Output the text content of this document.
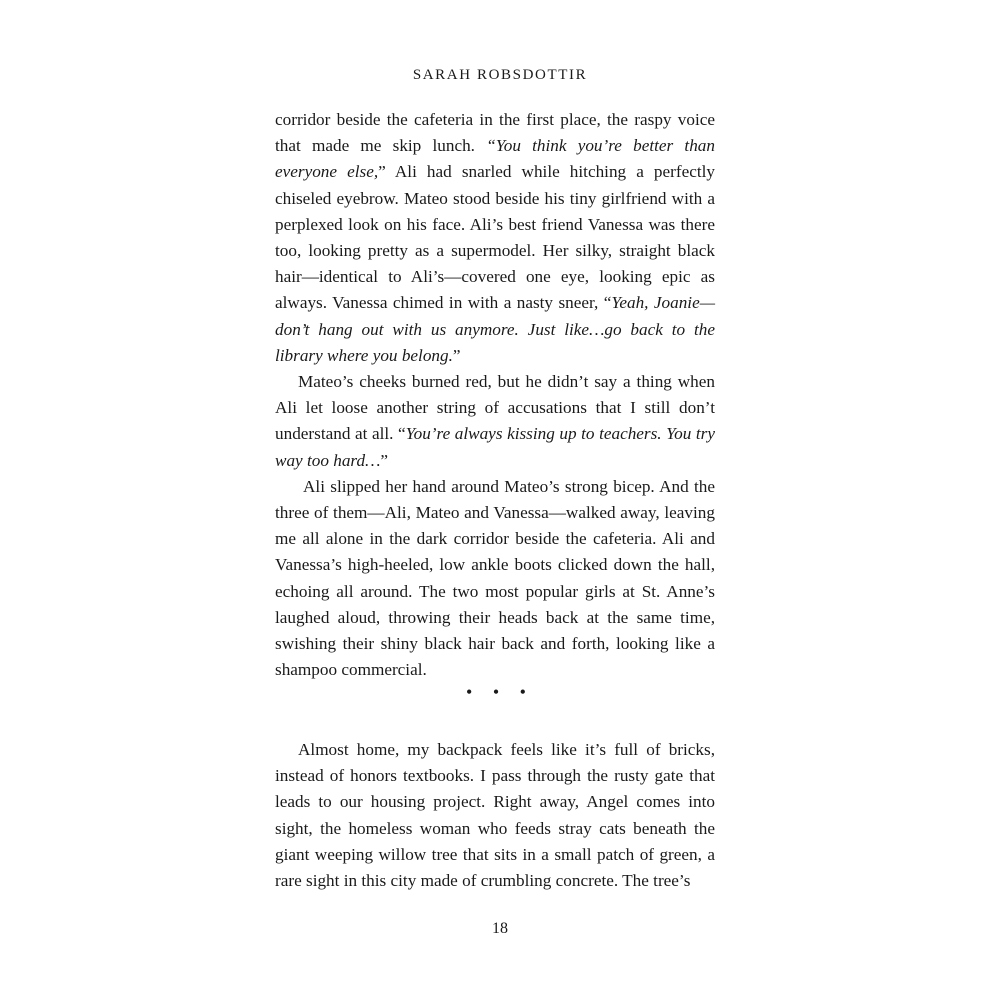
SARAH ROBSDOTTIR

corridor beside the cafeteria in the first place, the raspy voice that made me skip lunch. “You think you’re better than everyone else,” Ali had snarled while hitching a perfectly chiseled eyebrow. Mateo stood beside his tiny girlfriend with a perplexed look on his face. Ali’s best friend Vanessa was there too, looking pretty as a supermodel. Her silky, straight black hair—identical to Ali’s—covered one eye, looking epic as always. Vanessa chimed in with a nasty sneer, “Yeah, Joanie—don’t hang out with us anymore. Just like…go back to the library where you belong.”

Mateo’s cheeks burned red, but he didn’t say a thing when Ali let loose another string of accusations that I still don’t understand at all. “You’re always kissing up to teachers. You try way too hard…”

Ali slipped her hand around Mateo’s strong bicep. And the three of them—Ali, Mateo and Vanessa—walked away, leaving me all alone in the dark corridor beside the cafeteria. Ali and Vanessa’s high-heeled, low ankle boots clicked down the hall, echoing all around. The two most popular girls at St. Anne’s laughed aloud, throwing their heads back at the same time, swishing their shiny black hair back and forth, looking like a shampoo commercial.

• • •

Almost home, my backpack feels like it’s full of bricks, instead of honors textbooks. I pass through the rusty gate that leads to our housing project. Right away, Angel comes into sight, the homeless woman who feeds stray cats beneath the giant weeping willow tree that sits in a small patch of green, a rare sight in this city made of crumbling concrete. The tree’s

18
